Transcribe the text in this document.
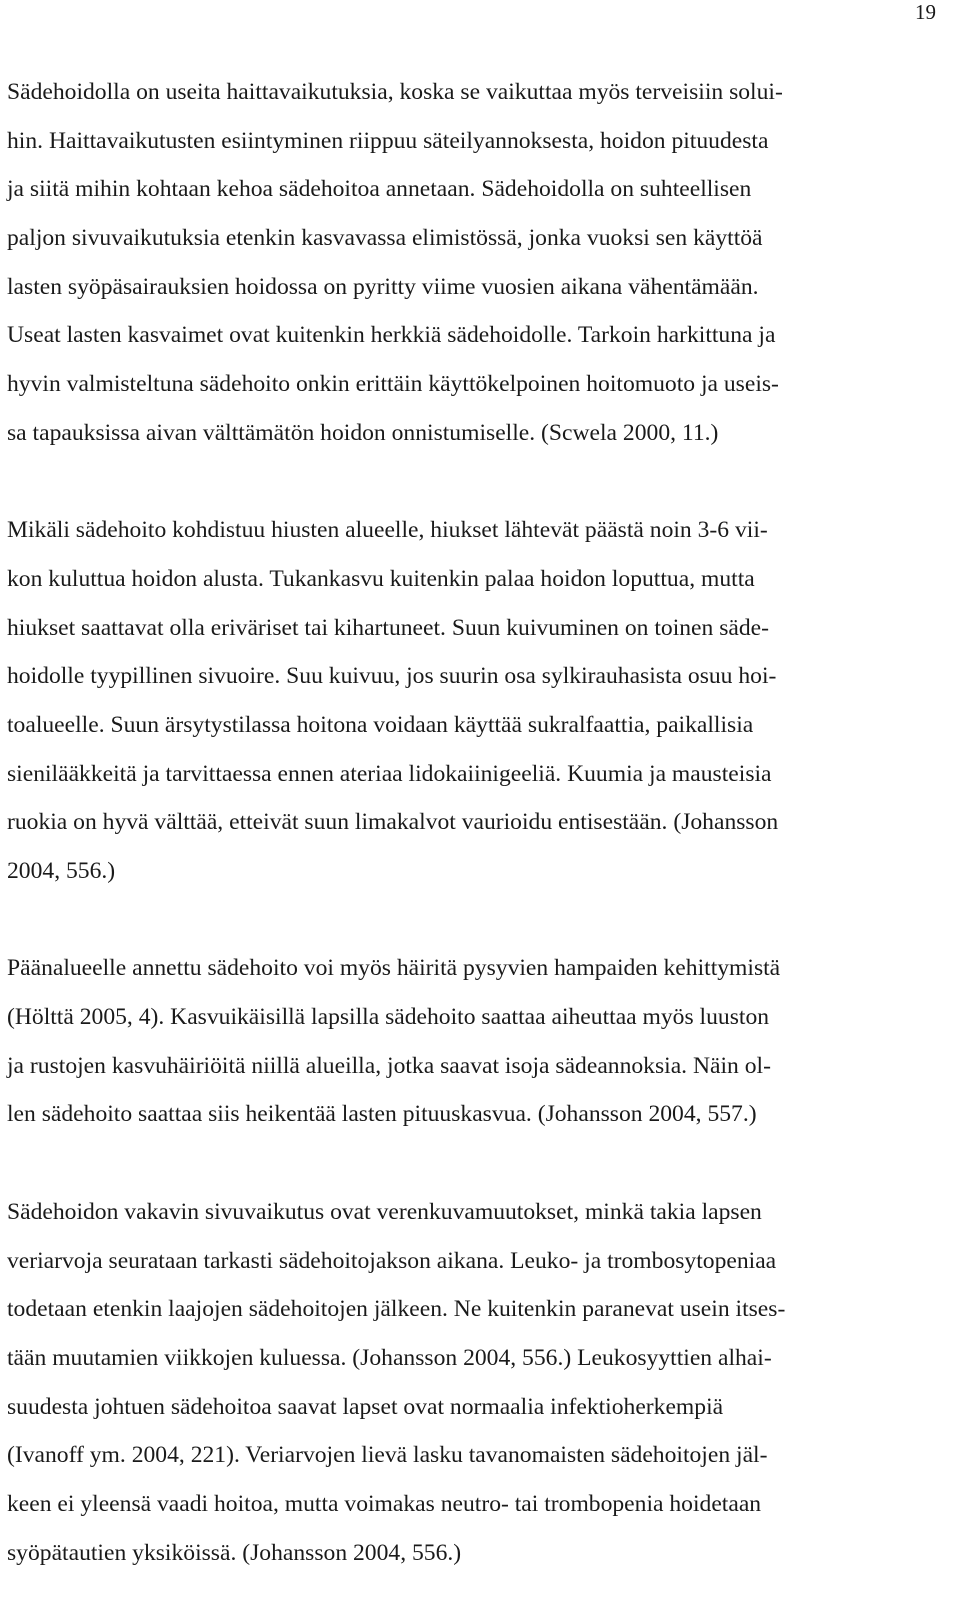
19
Sädehoidolla on useita haittavaikutuksia, koska se vaikuttaa myös terveisiin solui-
hin. Haittavaikutusten esiintyminen riippuu säteilyannoksesta, hoidon pituudesta
ja siitä mihin kohtaan kehoa sädehoitoa annetaan. Sädehoidolla on suhteellisen
paljon sivuvaikutuksia etenkin kasvavassa elimistössä, jonka vuoksi sen käyttöä
lasten syöpäsairauksien hoidossa on pyritty viime vuosien aikana vähentämään.
Useat lasten kasvaimet ovat kuitenkin herkkiä sädehoidolle. Tarkoin harkittuna ja
hyvin valmisteltuna sädehoito onkin erittäin käyttökelpoinen hoitomuoto ja useis-
sa tapauksissa aivan välttämätön hoidon onnistumiselle. (Scwela 2000, 11.)
Mikäli sädehoito kohdistuu hiusten alueelle, hiukset lähtevät päästä noin 3-6 vii-
kon kuluttua hoidon alusta. Tukankasvu kuitenkin palaa hoidon loputtua, mutta
hiukset saattavat olla eriväriset tai kihartuneet. Suun kuivuminen on toinen säde-
hoidolle tyypillinen sivuoire. Suu kuivuu, jos suurin osa sylkirauhasista osuu hoi-
toalueelle. Suun ärsytystilassa hoitona voidaan käyttää sukralfaattia, paikallisia
sienilääkkeitä ja tarvittaessa ennen ateriaa lidokaiinigeeliä. Kuumia ja mausteisia
ruokia on hyvä välttää, etteivät suun limakalvot vaurioidu entisestään. (Johansson
2004, 556.)
Päänalueelle annettu sädehoito voi myös häiritä pysyvien hampaiden kehittymistä
(Hölttä 2005, 4). Kasvuikäisillä lapsilla sädehoito saattaa aiheuttaa myös luuston
ja rustojen kasvuhäiriöitä niillä alueilla, jotka saavat isoja sädeannoksia. Näin ol-
len sädehoito saattaa siis heikentää lasten pituuskasvua. (Johansson 2004, 557.)
Sädehoidon vakavin sivuvaikutus ovat verenkuvamuutokset, minkä takia lapsen
veriarvoja seurataan tarkasti sädehoitojakson aikana. Leuko- ja trombosytopeniaa
todetaan etenkin laajojen sädehoitojen jälkeen. Ne kuitenkin paranevat usein itses-
tään muutamien viikkojen kuluessa. (Johansson 2004, 556.) Leukosyyttien alhai-
suudesta johtuen sädehoitoa saavat lapset ovat normaalia infektioherkempiä
(Ivanoff ym. 2004, 221). Veriarvojen lievä lasku tavanomaisten sädehoitojen jäl-
keen ei yleensä vaadi hoitoa, mutta voimakas neutro- tai trombopenia hoidetaan
syöpätautien yksiköissä. (Johansson 2004, 556.)
